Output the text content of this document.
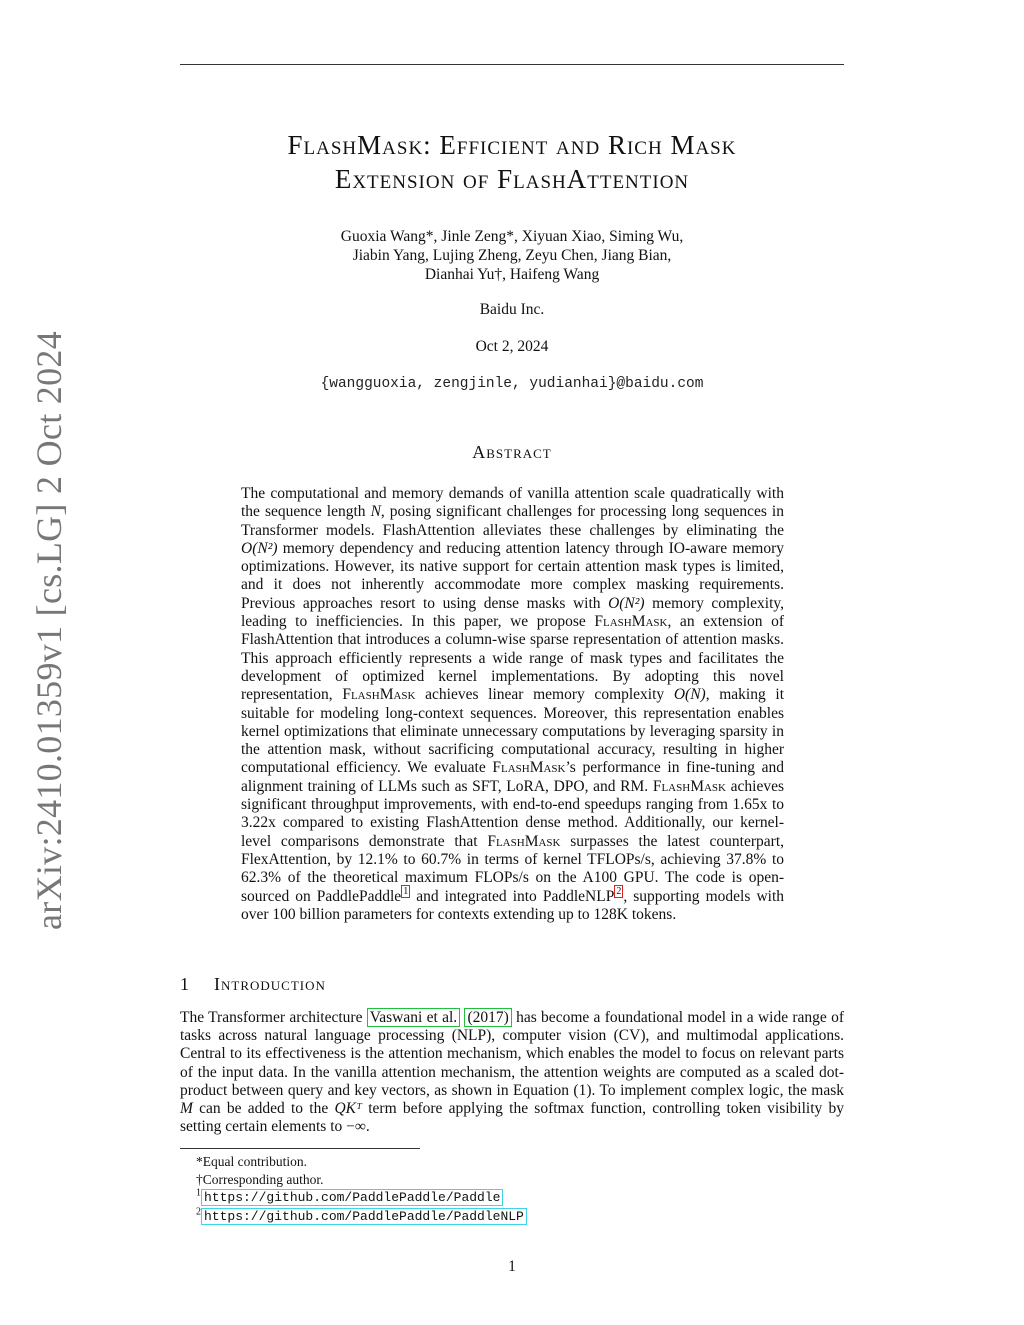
arXiv:2410.01359v1 [cs.LG] 2 Oct 2024
FlashMask: Efficient and Rich Mask
Extension of FlashAttention
Guoxia Wang*, Jinle Zeng*, Xiyuan Xiao, Siming Wu,
Jiabin Yang, Lujing Zheng, Zeyu Chen, Jiang Bian,
Dianhai Yu†, Haifeng Wang
Baidu Inc.
Oct 2, 2024
{wangguoxia, zengjinle, yudianhai}@baidu.com
Abstract
The computational and memory demands of vanilla attention scale quadratically with the sequence length N, posing significant challenges for processing long sequences in Transformer models. FlashAttention alleviates these challenges by eliminating the O(N²) memory dependency and reducing attention latency through IO-aware memory optimizations. However, its native support for certain attention mask types is limited, and it does not inherently accommodate more complex masking requirements. Previous approaches resort to using dense masks with O(N²) memory complexity, leading to inefficiencies. In this paper, we propose FlashMask, an extension of FlashAttention that introduces a column-wise sparse representation of attention masks. This approach efficiently represents a wide range of mask types and facilitates the development of optimized kernel implementations. By adopting this novel representation, FlashMask achieves linear memory complexity O(N), making it suitable for modeling long-context sequences. Moreover, this representation enables kernel optimizations that eliminate unnecessary computations by leveraging sparsity in the attention mask, without sacrificing computational accuracy, resulting in higher computational efficiency. We evaluate FlashMask’s performance in fine-tuning and alignment training of LLMs such as SFT, LoRA, DPO, and RM. FlashMask achieves significant throughput improvements, with end-to-end speedups ranging from 1.65x to 3.22x compared to existing FlashAttention dense method. Additionally, our kernel-level comparisons demonstrate that FlashMask surpasses the latest counterpart, FlexAttention, by 12.1% to 60.7% in terms of kernel TFLOPs/s, achieving 37.8% to 62.3% of the theoretical maximum FLOPs/s on the A100 GPU. The code is open-sourced on PaddlePaddle $^1$ and integrated into PaddleNLP $^2$ , supporting models with over 100 billion parameters for contexts extending up to 128K tokens.
1 Introduction
The Transformer architecture Vaswani et al. (2017) has become a foundational model in a wide range of tasks across natural language processing (NLP), computer vision (CV), and multimodal applications. Central to its effectiveness is the attention mechanism, which enables the model to focus on relevant parts of the input data. In the vanilla attention mechanism, the attention weights are computed as a scaled dot-product between query and key vectors, as shown in Equation (1). To implement complex logic, the mask M can be added to the QKᵀ term before applying the softmax function, controlling token visibility by setting certain elements to −∞.
*Equal contribution.
†Corresponding author.
$^1$ https://github.com/PaddlePaddle/Paddle
$^2$ https://github.com/PaddlePaddle/PaddleNLP
1
